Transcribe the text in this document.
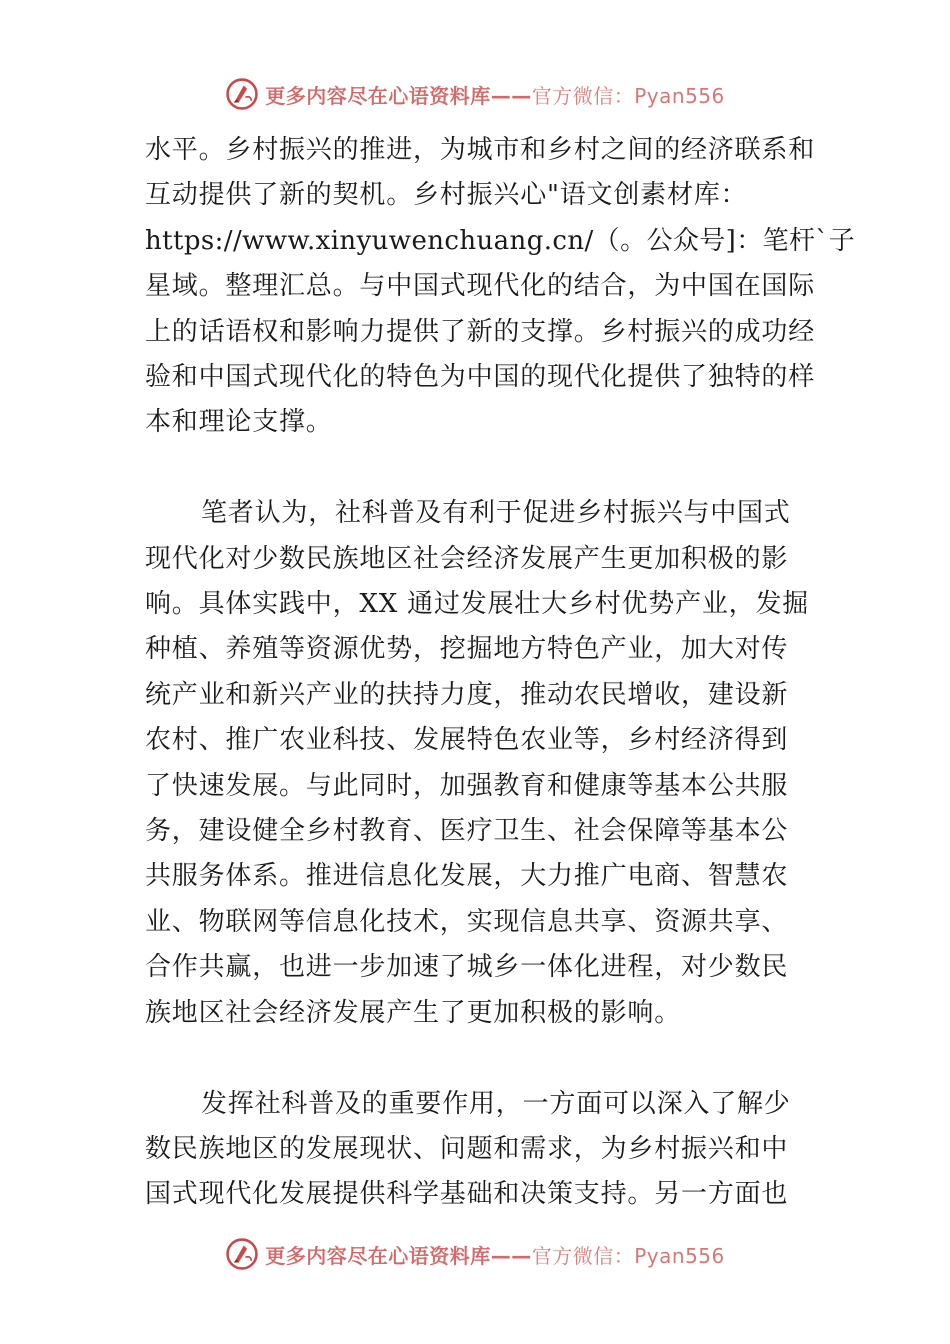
更多内容尽在心语资料库——官方微信：Pyan556

水平。乡村振兴的推进，为城市和乡村之间的经济联系和
互动提供了新的契机。乡村振兴心"语文创素材库：
https://www.xinyuwenchuang.cn/（。公众号]：笔杆`子
星域。整理汇总。与中国式现代化的结合，为中国在国际
上的话语权和影响力提供了新的支撑。乡村振兴的成功经
验和中国式现代化的特色为中国的现代化提供了独特的样
本和理论支撑。

笔者认为，社科普及有利于促进乡村振兴与中国式
现代化对少数民族地区社会经济发展产生更加积极的影
响。具体实践中，XX 通过发展壮大乡村优势产业，发掘
种植、养殖等资源优势，挖掘地方特色产业，加大对传
统产业和新兴产业的扶持力度，推动农民增收，建设新
农村、推广农业科技、发展特色农业等，乡村经济得到
了快速发展。与此同时，加强教育和健康等基本公共服
务，建设健全乡村教育、医疗卫生、社会保障等基本公
共服务体系。推进信息化发展，大力推广电商、智慧农
业、物联网等信息化技术，实现信息共享、资源共享、
合作共赢，也进一步加速了城乡一体化进程，对少数民
族地区社会经济发展产生了更加积极的影响。

发挥社科普及的重要作用，一方面可以深入了解少
数民族地区的发展现状、问题和需求，为乡村振兴和中
国式现代化发展提供科学基础和决策支持。另一方面也

更多内容尽在心语资料库——官方微信：Pyan556
